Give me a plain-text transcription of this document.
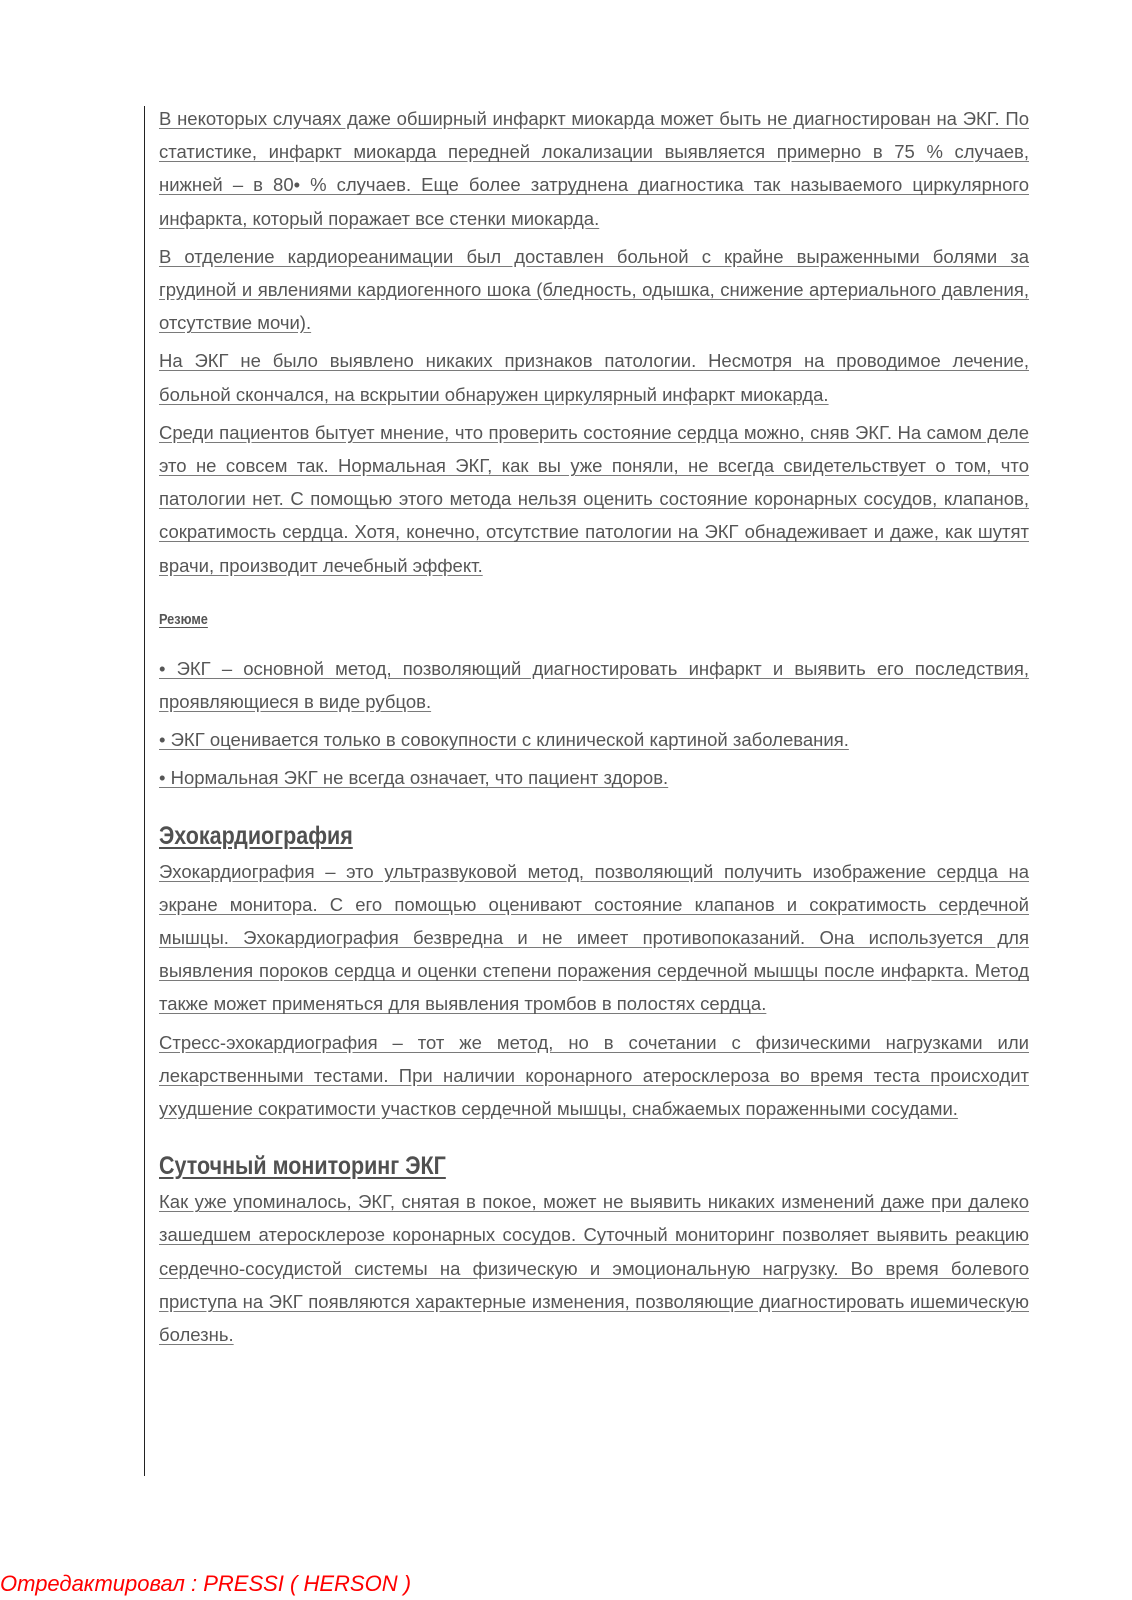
В некоторых случаях даже обширный инфаркт миокарда может быть не диагностирован на ЭКГ. По статистике, инфаркт миокарда передней локализации выявляется примерно в 75 % случаев, нижней – в 80• % случаев. Еще более затруднена диагностика так называемого циркулярного инфаркта, который поражает все стенки миокарда.

В отделение кардиореанимации был доставлен больной с крайне выраженными болями за грудиной и явлениями кардиогенного шока (бледность, одышка, снижение артериального давления, отсутствие мочи).

На ЭКГ не было выявлено никаких признаков патологии. Несмотря на проводимое лечение, больной скончался, на вскрытии обнаружен циркулярный инфаркт миокарда.

Среди пациентов бытует мнение, что проверить состояние сердца можно, сняв ЭКГ. На самом деле это не совсем так. Нормальная ЭКГ, как вы уже поняли, не всегда свидетельствует о том, что патологии нет. С помощью этого метода нельзя оценить состояние коронарных сосудов, клапанов, сократимость сердца. Хотя, конечно, отсутствие патологии на ЭКГ обнадеживает и даже, как шутят врачи, производит лечебный эффект.

Резюме

• ЭКГ – основной метод, позволяющий диагностировать инфаркт и выявить его последствия, проявляющиеся в виде рубцов.

• ЭКГ оценивается только в совокупности с клинической картиной заболевания.

• Нормальная ЭКГ не всегда означает, что пациент здоров.

Эхокардиография

Эхокардиография – это ультразвуковой метод, позволяющий получить изображение сердца на экране монитора. С его помощью оценивают состояние клапанов и сократимость сердечной мышцы. Эхокардиография безвредна и не имеет противопоказаний. Она используется для выявления пороков сердца и оценки степени поражения сердечной мышцы после инфаркта. Метод также может применяться для выявления тромбов в полостях сердца.

Стресс-эхокардиография – тот же метод, но в сочетании с физическими нагрузками или лекарственными тестами. При наличии коронарного атеросклероза во время теста происходит ухудшение сократимости участков сердечной мышцы, снабжаемых пораженными сосудами.

Суточный мониторинг ЭКГ

Как уже упоминалось, ЭКГ, снятая в покое, может не выявить никаких изменений даже при далеко зашедшем атеросклерозе коронарных сосудов. Суточный мониторинг позволяет выявить реакцию сердечно-сосудистой системы на физическую и эмоциональную нагрузку. Во время болевого приступа на ЭКГ появляются характерные изменения, позволяющие диагностировать ишемическую болезнь.

Отредактировал : PRESSI ( HERSON )
